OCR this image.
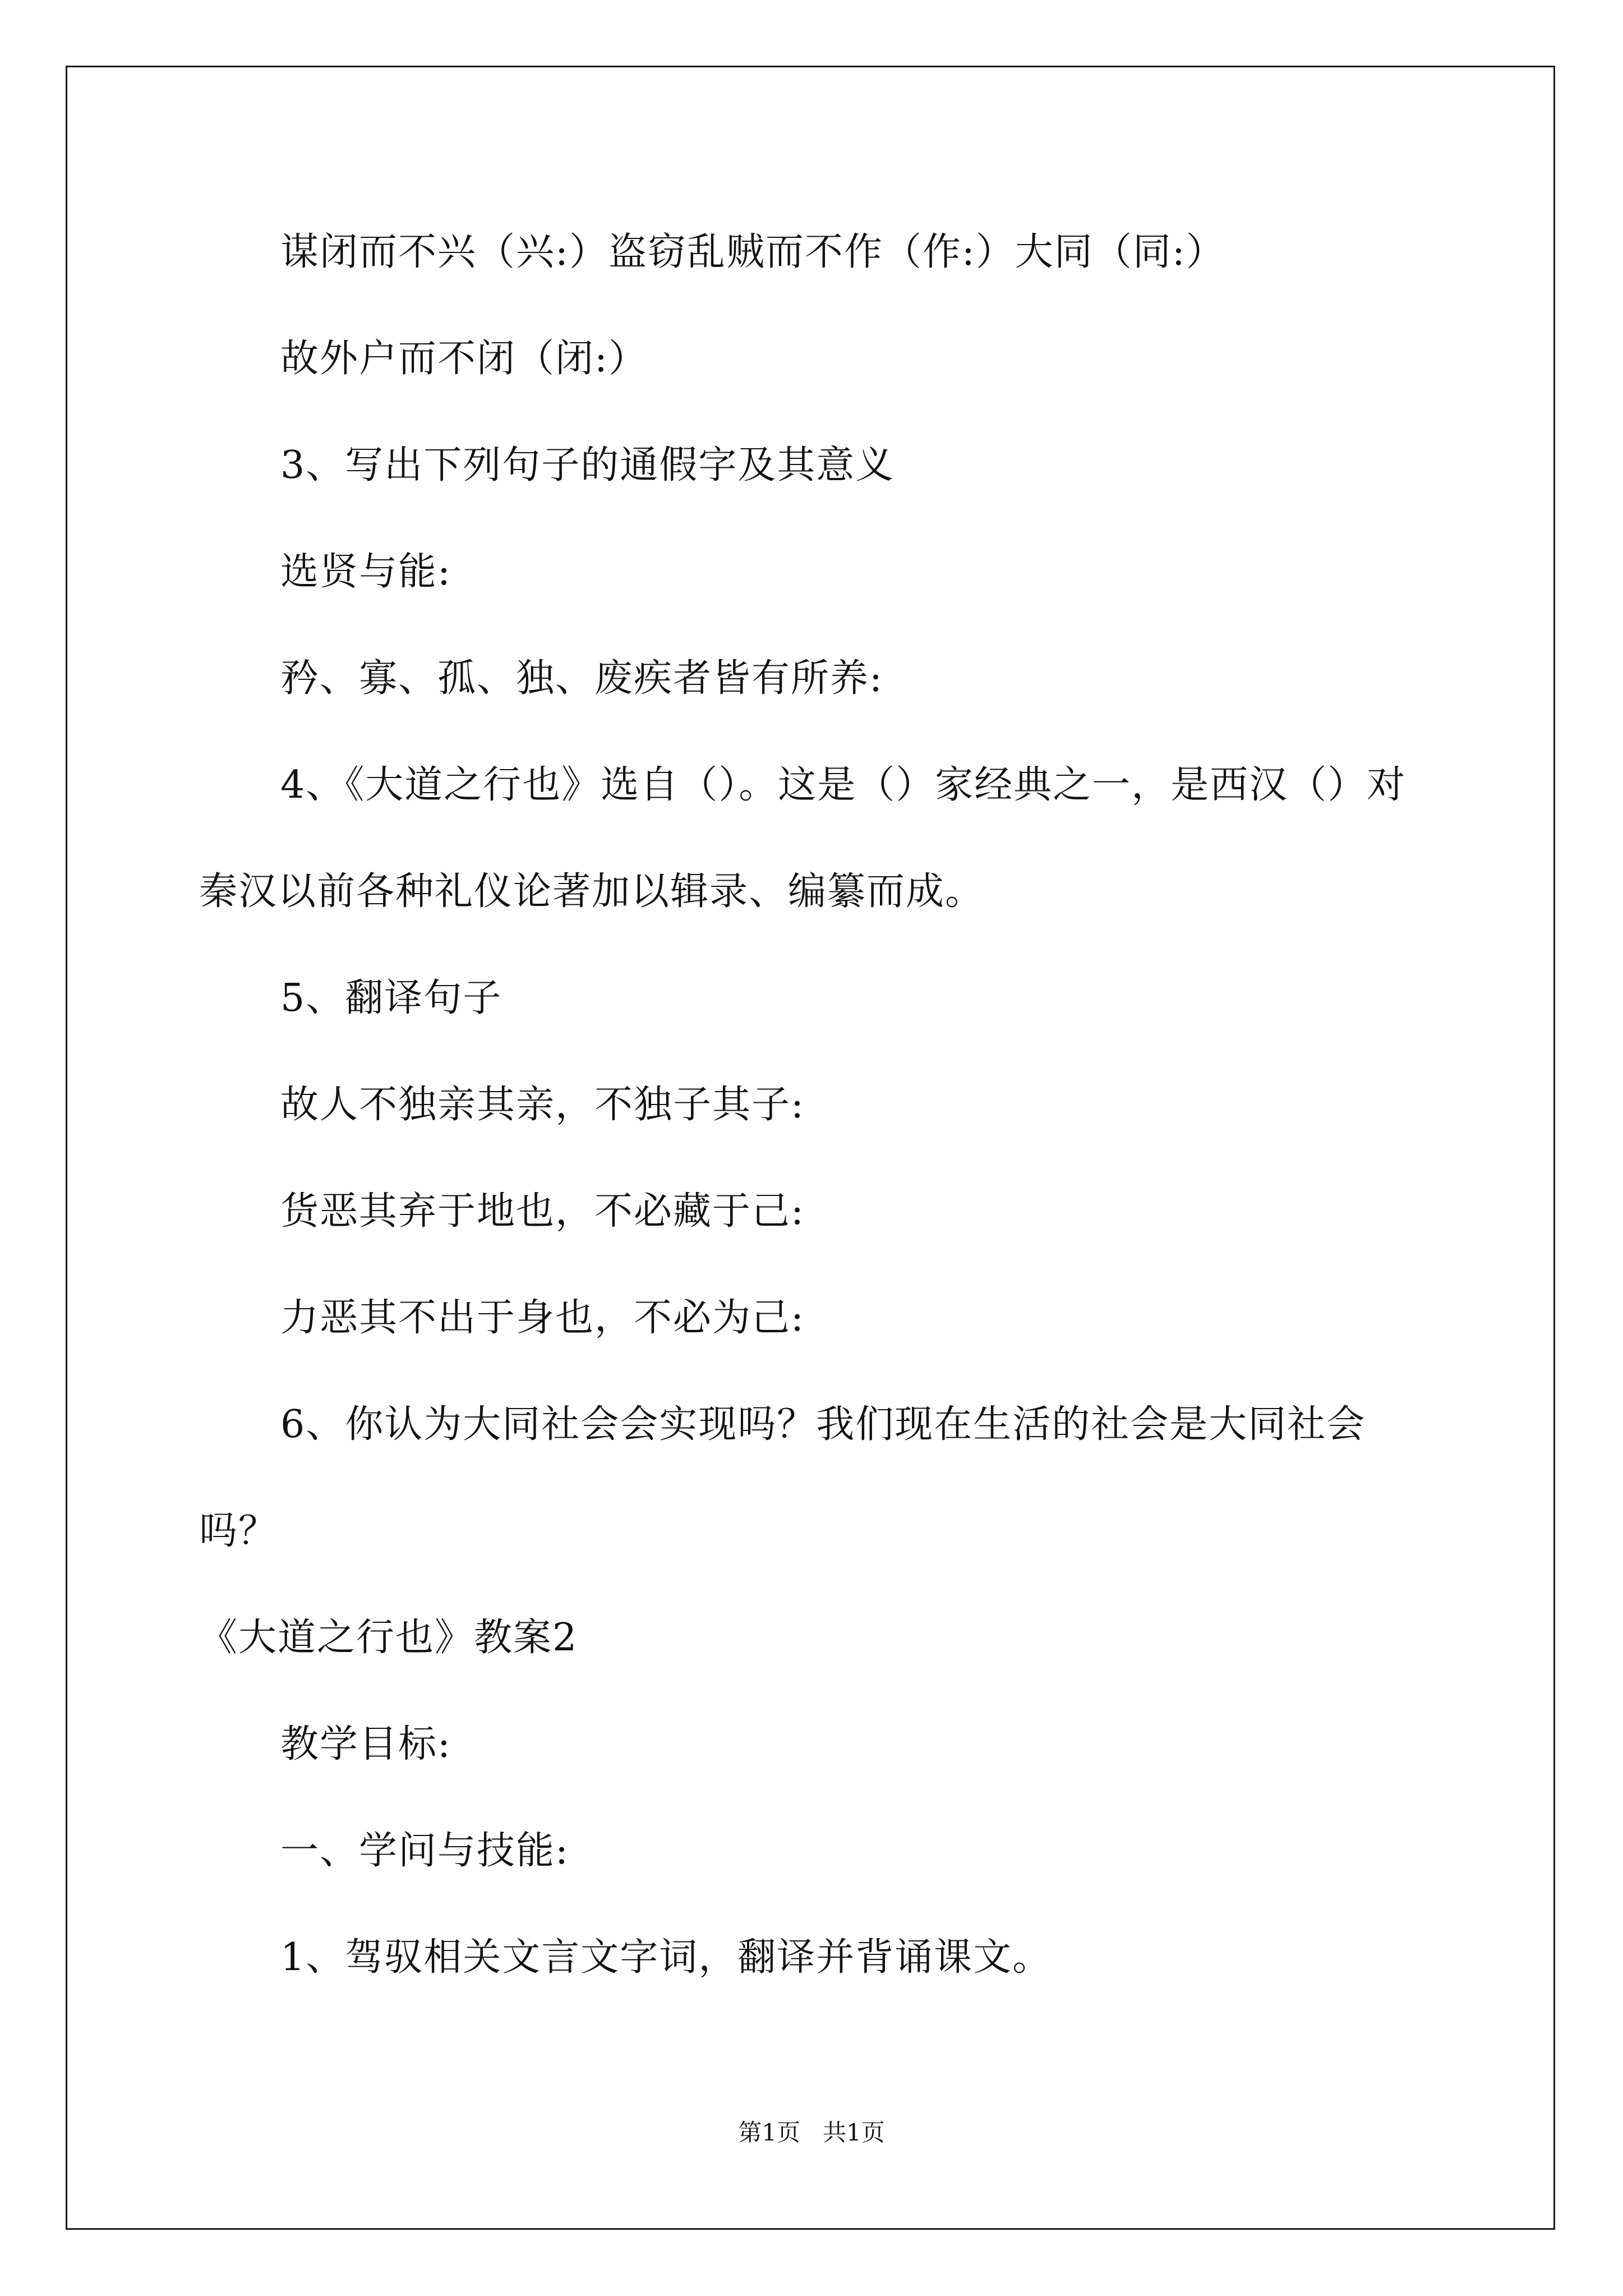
谋闭而不兴（兴:）盗窃乱贼而不作（作:）大同（同:）
故外户而不闭（闭:）
3、写出下列句子的通假字及其意义
选贤与能:
矜、寡、孤、独、废疾者皆有所养:
4、《大道之行也》选自（）。这是（）家经典之一，是西汉（）对
秦汉以前各种礼仪论著加以辑录、编纂而成。
5、翻译句子
故人不独亲其亲，不独子其子:
货恶其弃于地也，不必藏于己:
力恶其不出于身也，不必为己:
6、你认为大同社会会实现吗？我们现在生活的社会是大同社会
吗？
《大道之行也》教案2
教学目标:
一、学问与技能:
1、驾驭相关文言文字词，翻译并背诵课文。
第1页   共1页
